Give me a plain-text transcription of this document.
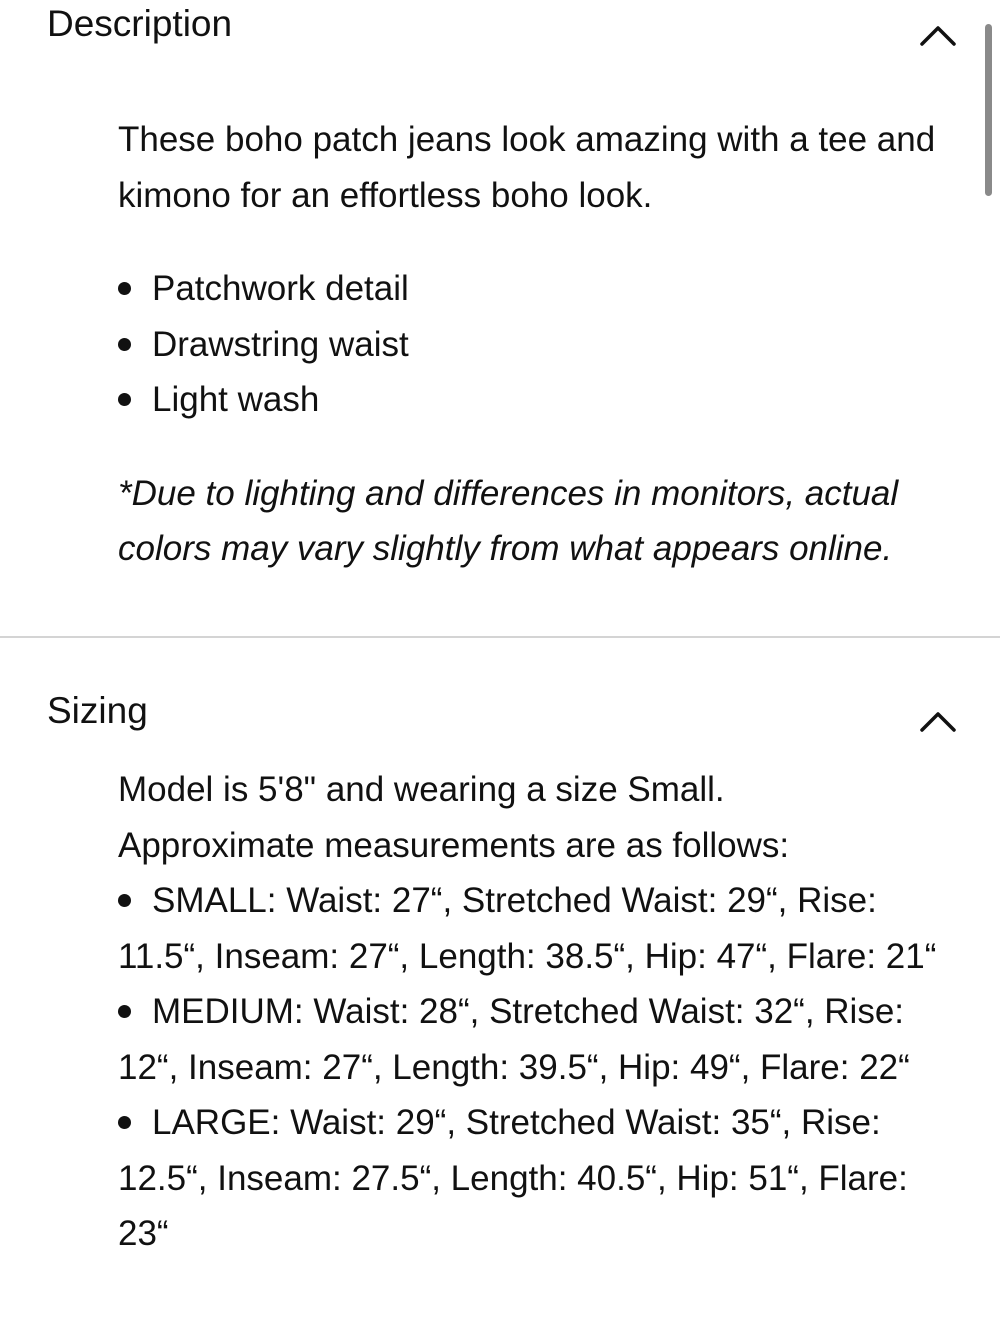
Description

These boho patch jeans look amazing with a tee and kimono for an effortless boho look.

Patchwork detail
Drawstring waist
Light wash

*Due to lighting and differences in monitors, actual colors may vary slightly from what appears online.

Sizing

Model is 5'8" and wearing a size Small.

Approximate measurements are as follows:

SMALL: Waist: 27“, Stretched Waist: 29“, Rise: 11.5“, Inseam: 27“, Length: 38.5“, Hip: 47“, Flare: 21“
MEDIUM: Waist: 28“, Stretched Waist: 32“, Rise: 12“, Inseam: 27“, Length: 39.5“, Hip: 49“, Flare: 22“
LARGE: Waist: 29“, Stretched Waist: 35“, Rise: 12.5“, Inseam: 27.5“, Length: 40.5“, Hip: 51“, Flare: 23“
